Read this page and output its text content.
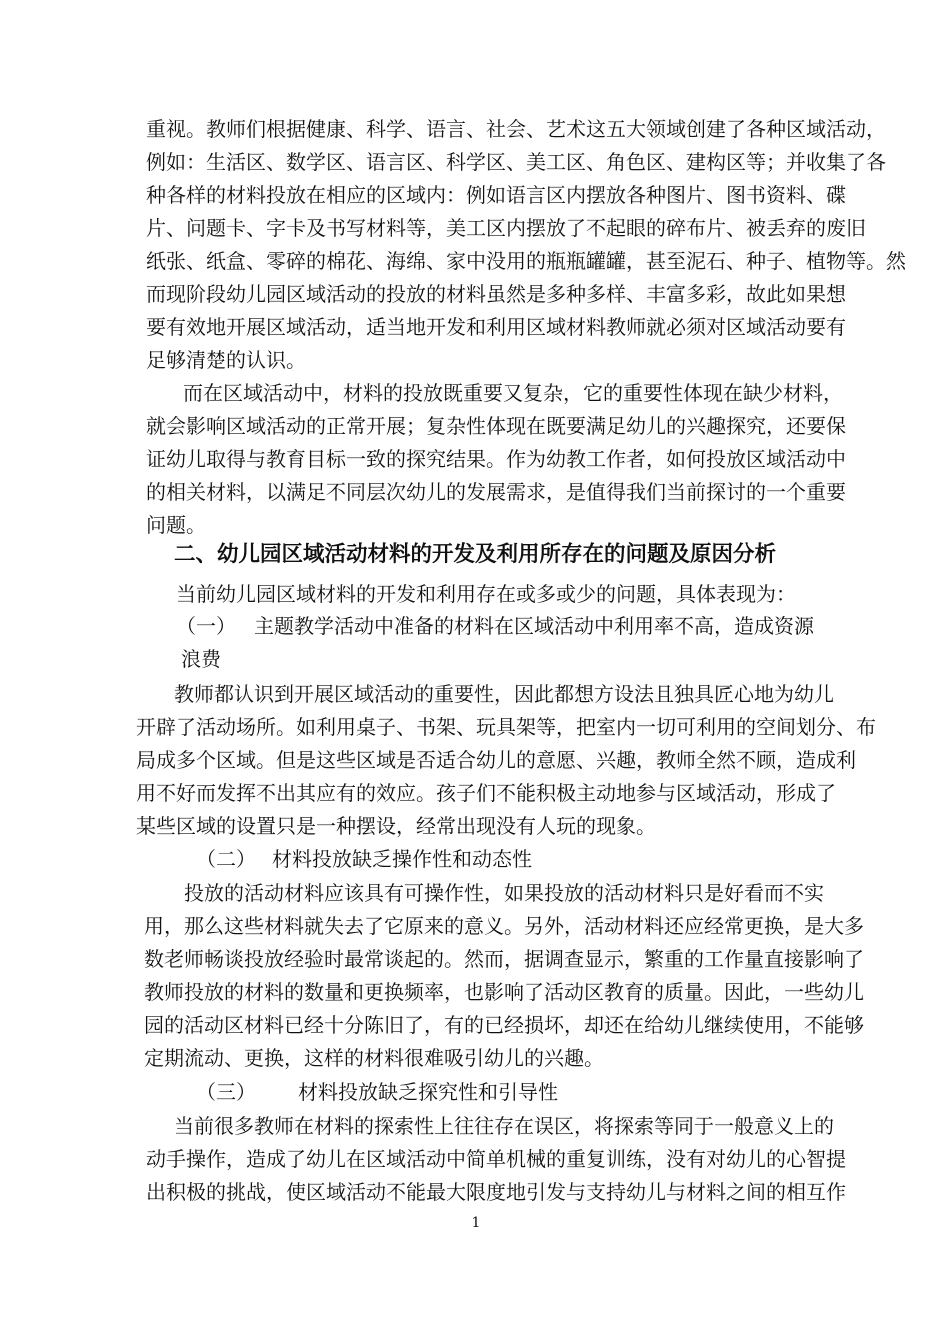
重视。教师们根据健康、科学、语言、社会、艺术这五大领域创建了各种区域活动，
例如：生活区、数学区、语言区、科学区、美工区、角色区、建构区等；并收集了各
种各样的材料投放在相应的区域内：例如语言区内摆放各种图片、图书资料、碟
片、问题卡、字卡及书写材料等，美工区内摆放了不起眼的碎布片、被丢弃的废旧
纸张、纸盒、零碎的棉花、海绵、家中没用的瓶瓶罐罐，甚至泥石、种子、植物等。然
而现阶段幼儿园区域活动的投放的材料虽然是多种多样、丰富多彩，故此如果想
要有效地开展区域活动，适当地开发和利用区域材料教师就必须对区域活动要有
足够清楚的认识。
而在区域活动中，材料的投放既重要又复杂，它的重要性体现在缺少材料，
就会影响区域活动的正常开展；复杂性体现在既要满足幼儿的兴趣探究，还要保
证幼儿取得与教育目标一致的探究结果。作为幼教工作者，如何投放区域活动中
的相关材料，以满足不同层次幼儿的发展需求，是值得我们当前探讨的一个重要
问题。
二、幼儿园区域活动材料的开发及利用所存在的问题及原因分析
当前幼儿园区域材料的开发和利用存在或多或少的问题，具体表现为：
（一） 主题教学活动中准备的材料在区域活动中利用率不高，造成资源
浪费
教师都认识到开展区域活动的重要性，因此都想方设法且独具匠心地为幼儿
开辟了活动场所。如利用桌子、书架、玩具架等，把室内一切可利用的空间划分、布
局成多个区域。但是这些区域是否适合幼儿的意愿、兴趣，教师全然不顾，造成利
用不好而发挥不出其应有的效应。孩子们不能积极主动地参与区域活动，形成了
某些区域的设置只是一种摆设，经常出现没有人玩的现象。
（二） 材料投放缺乏操作性和动态性
投放的活动材料应该具有可操作性，如果投放的活动材料只是好看而不实
用，那么这些材料就失去了它原来的意义。另外，活动材料还应经常更换，是大多
数老师畅谈投放经验时最常谈起的。然而，据调查显示，繁重的工作量直接影响了
教师投放的材料的数量和更换频率，也影响了活动区教育的质量。因此，一些幼儿
园的活动区材料已经十分陈旧了，有的已经损坏，却还在给幼儿继续使用，不能够
定期流动、更换，这样的材料很难吸引幼儿的兴趣。
（三） 材料投放缺乏探究性和引导性
当前很多教师在材料的探索性上往往存在误区，将探索等同于一般意义上的
动手操作，造成了幼儿在区域活动中简单机械的重复训练，没有对幼儿的心智提
出积极的挑战，使区域活动不能最大限度地引发与支持幼儿与材料之间的相互作
1
